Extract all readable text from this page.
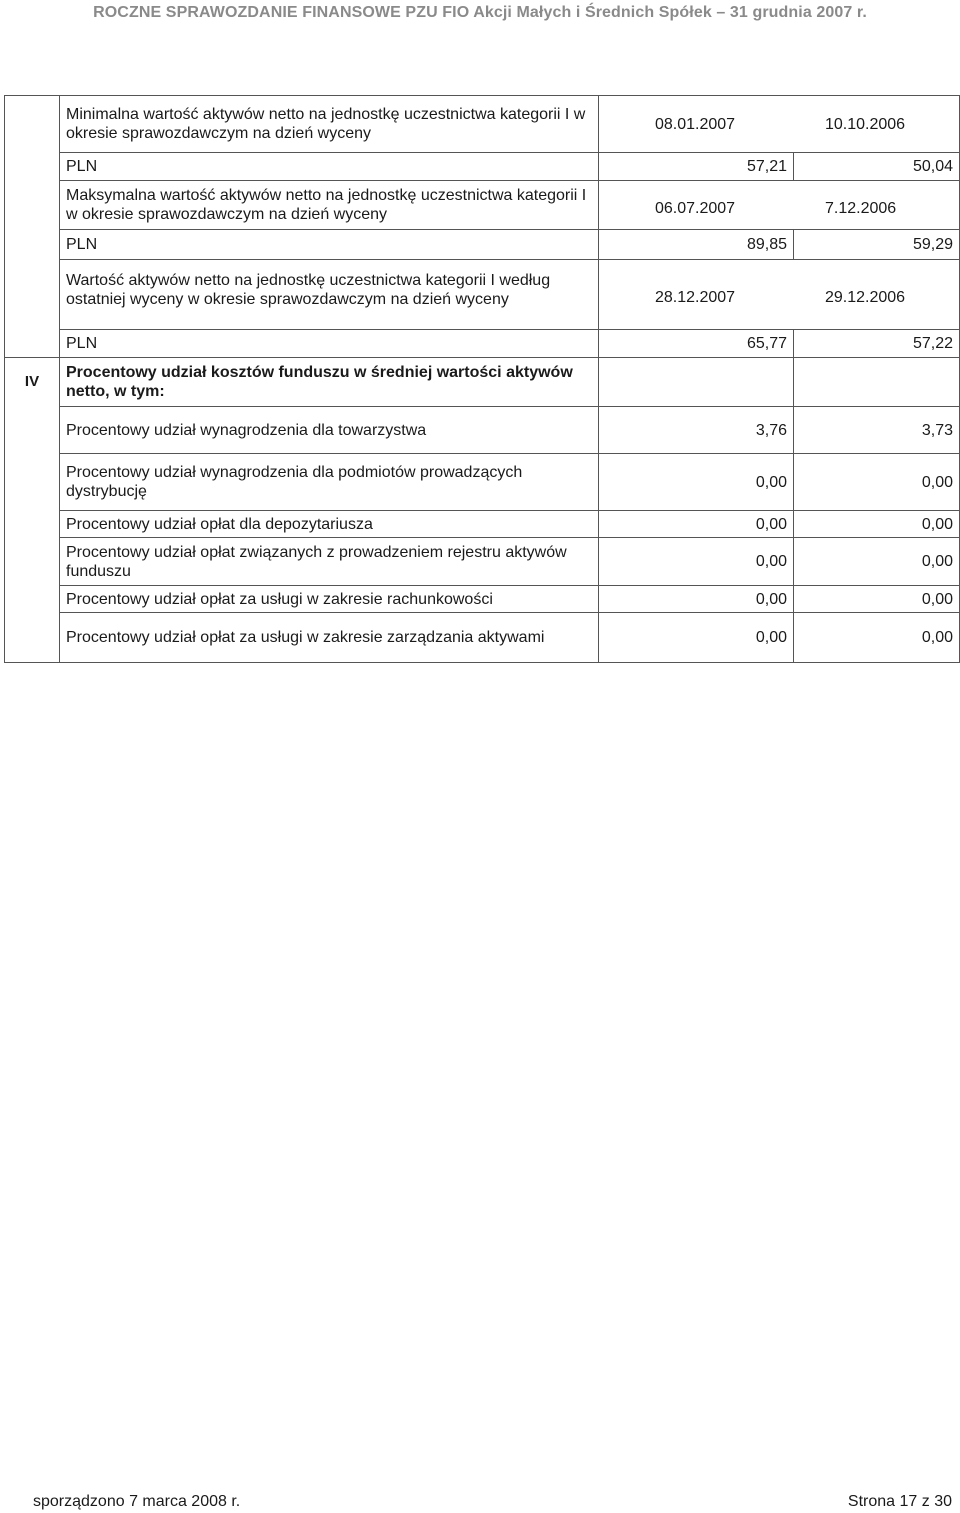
ROCZNE SPRAWOZDANIE FINANSOWE PZU FIO Akcji Małych i Średnich Spółek – 31 grudnia 2007 r.
	Minimalna wartość aktywów netto na jednostkę uczestnictwa kategorii I w okresie sprawozdawczym na dzień wyceny	08.01.2007 10.10.2006	
	PLN	57,21	50,04
	Maksymalna wartość aktywów netto na jednostkę uczestnictwa kategorii I w okresie sprawozdawczym na dzień wyceny	06.07.2007 7.12.2006	
	PLN	89,85	59,29
	Wartość aktywów netto na jednostkę uczestnictwa kategorii I według ostatniej wyceny w okresie sprawozdawczym na dzień wyceny	28.12.2007 29.12.2006	
	PLN	65,77	57,22
IV	Procentowy udział kosztów funduszu w średniej wartości aktywów netto, w tym:		
	Procentowy udział wynagrodzenia dla towarzystwa	3,76	3,73
	Procentowy udział wynagrodzenia dla podmiotów prowadzących dystrybucję	0,00	0,00
	Procentowy udział opłat dla depozytariusza	0,00	0,00
	Procentowy udział opłat związanych z prowadzeniem rejestru aktywów funduszu	0,00	0,00
	Procentowy udział opłat za usługi w zakresie rachunkowości	0,00	0,00
	Procentowy udział opłat za usługi w zakresie zarządzania aktywami	0,00	0,00
sporządzono 7 marca 2008 r.	Strona 17 z 30
